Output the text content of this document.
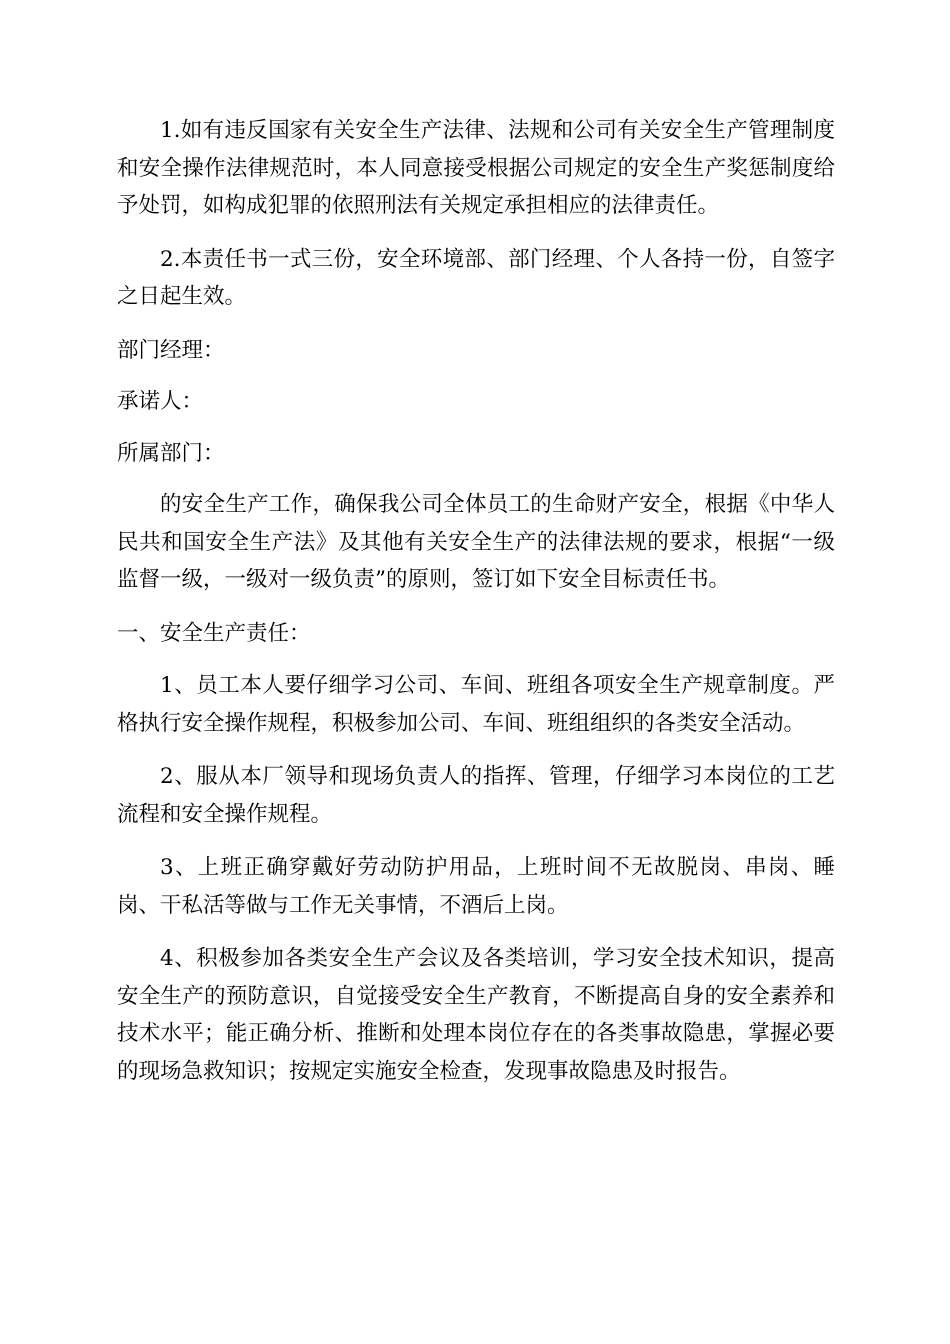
1.如有违反国家有关安全生产法律、法规和公司有关安全生产管理制度和安全操作法律规范时，本人同意接受根据公司规定的安全生产奖惩制度给予处罚，如构成犯罪的依照刑法有关规定承担相应的法律责任。

2.本责任书一式三份，安全环境部、部门经理、个人各持一份，自签字之日起生效。

部门经理：

承诺人：

所属部门：

的安全生产工作，确保我公司全体员工的生命财产安全，根据《中华人民共和国安全生产法》及其他有关安全生产的法律法规的要求，根据“一级监督一级，一级对一级负责”的原则，签订如下安全目标责任书。

一、安全生产责任：

1、员工本人要仔细学习公司、车间、班组各项安全生产规章制度。严格执行安全操作规程，积极参加公司、车间、班组组织的各类安全活动。

2、服从本厂领导和现场负责人的指挥、管理，仔细学习本岗位的工艺流程和安全操作规程。

3、上班正确穿戴好劳动防护用品，上班时间不无故脱岗、串岗、睡岗、干私活等做与工作无关事情，不酒后上岗。

4、积极参加各类安全生产会议及各类培训，学习安全技术知识，提高安全生产的预防意识，自觉接受安全生产教育，不断提高自身的安全素养和技术水平；能正确分析、推断和处理本岗位存在的各类事故隐患，掌握必要的现场急救知识；按规定实施安全检查，发现事故隐患及时报告。
